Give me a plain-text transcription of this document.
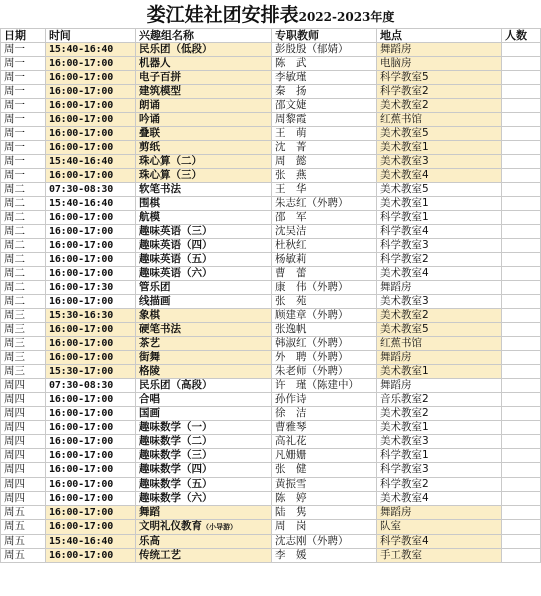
娄江娃社团安排表2022-2023年度
日期	时间	兴趣组名称	专职教师	地点	人数
周一	15:40-16:40	民乐团（低段）	彭殷殷（郁婧）	舞蹈房	
周一	16:00-17:00	机器人	陈　武	电脑房	
周一	16:00-17:00	电子百拼	李敏瑾	科学教室5	
周一	16:00-17:00	建筑模型	秦　扬	科学教室2	
周一	16:00-17:00	朗诵	邵文婕	美术教室2	
周一	16:00-17:00	吟诵	周黎霞	红蕉书馆	
周一	16:00-17:00	叠联	王　萌	美术教室5	
周一	16:00-17:00	剪纸	沈　菁	美术教室1	
周一	15:40-16:40	珠心算（二）	周　懿	美术教室3	
周一	16:00-17:00	珠心算（三）	张　燕	美术教室4	
周二	07:30-08:30	软笔书法	王　华	美术教室5	
周二	15:40-16:40	围棋	朱志红（外聘）	美术教室1	
周二	16:00-17:00	航模	邵　军	科学教室1	
周二	16:00-17:00	趣味英语（三）	沈吴洁	科学教室4	
周二	16:00-17:00	趣味英语（四）	杜秋红	科学教室3	
周二	16:00-17:00	趣味英语（五）	杨敏莉	科学教室2	
周二	16:00-17:00	趣味英语（六）	曹　蕾	美术教室4	
周二	16:00-17:30	管乐团	康　伟（外聘）	舞蹈房	
周二	16:00-17:00	线描画	张　苑	美术教室3	
周三	15:30-16:30	象棋	顾建章（外聘）	美术教室2	
周三	16:00-17:00	硬笔书法	张逸帆	美术教室5	
周三	16:00-17:00	茶艺	韩淑红（外聘）	红蕉书馆	
周三	16:00-17:00	街舞	外　聘（外聘）	舞蹈房	
周三	15:30-17:00	格陵	朱老师（外聘）	美术教室1	
周四	07:30-08:30	民乐团（高段）	许　瑾（陈建中）	舞蹈房	
周四	16:00-17:00	合唱	孙作诗	音乐教室2	
周四	16:00-17:00	国画	徐　洁	美术教室2	
周四	16:00-17:00	趣味数学（一）	曹雅琴	美术教室1	
周四	16:00-17:00	趣味数学（二）	高礼花	美术教室3	
周四	16:00-17:00	趣味数学（三）	凡姗姗	科学教室1	
周四	16:00-17:00	趣味数学（四）	张　健	科学教室3	
周四	16:00-17:00	趣味数学（五）	黄振雪	科学教室2	
周四	16:00-17:00	趣味数学（六）	陈　婷	美术教室4	
周五	16:00-17:00	舞蹈	陆　隽	舞蹈房	
周五	16:00-17:00	文明礼仪教育（小导游）	周　岗	队室	
周五	15:40-16:40	乐高	沈志刚（外聘）	科学教室4	
周五	16:00-17:00	传统工艺	李　媛	手工教室	
